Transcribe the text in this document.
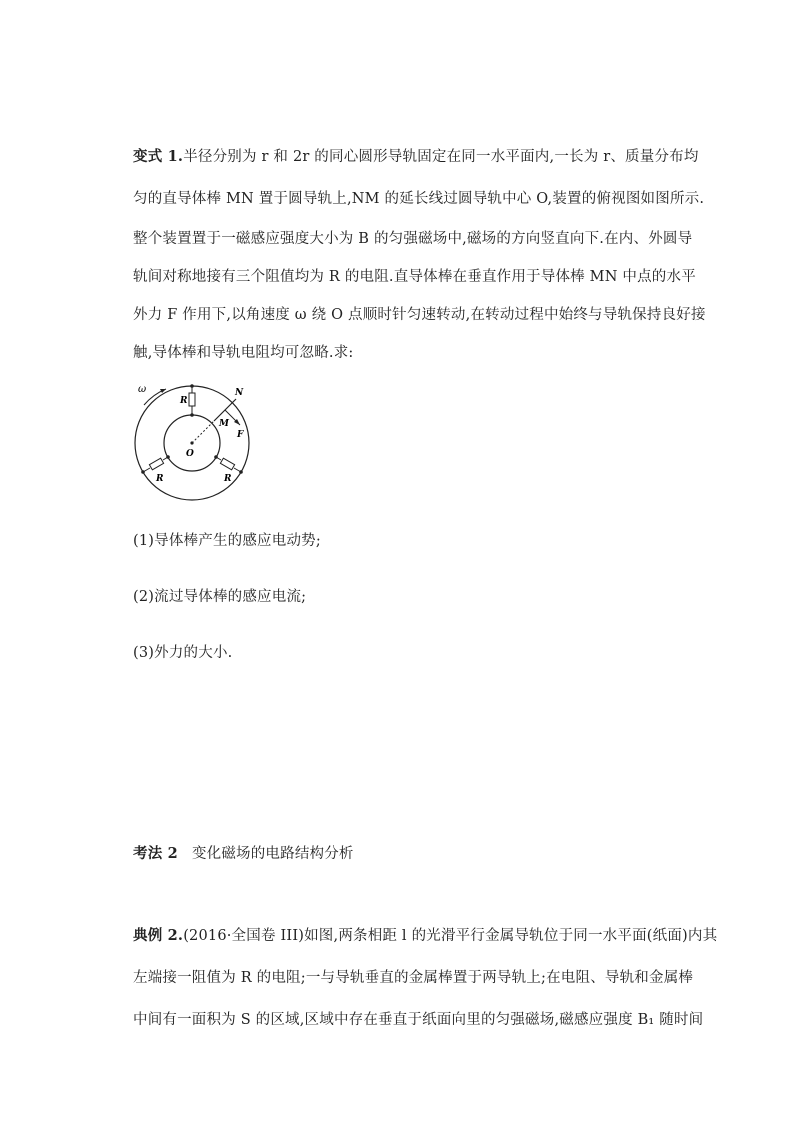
变式 1.半径分别为 r 和 2r 的同心圆形导轨固定在同一水平面内,一长为 r、质量分布均
匀的直导体棒 MN 置于圆导轨上,NM 的延长线过圆导轨中心 O,装置的俯视图如图所示.
整个装置置于一磁感应强度大小为 B 的匀强磁场中,磁场的方向竖直向下.在内、外圆导
轨间对称地接有三个阻值均为 R 的电阻.直导体棒在垂直作用于导体棒 MN 中点的水平
外力 F 作用下,以角速度 ω 绕 O 点顺时针匀速转动,在转动过程中始终与导轨保持良好接
触,导体棒和导轨电阻均可忽略.求:
ω	N
M
F
O
R
R	R
(1)导体棒产生的感应电动势;
(2)流过导体棒的感应电流;
(3)外力的大小.
考法 2 变化磁场的电路结构分析
典例 2.(2016·全国卷 III)如图,两条相距 l 的光滑平行金属导轨位于同一水平面(纸面)内其
左端接一阻值为 R 的电阻;一与导轨垂直的金属棒置于两导轨上;在电阻、导轨和金属棒
中间有一面积为 S 的区域,区域中存在垂直于纸面向里的匀强磁场,磁感应强度 B₁ 随时间
